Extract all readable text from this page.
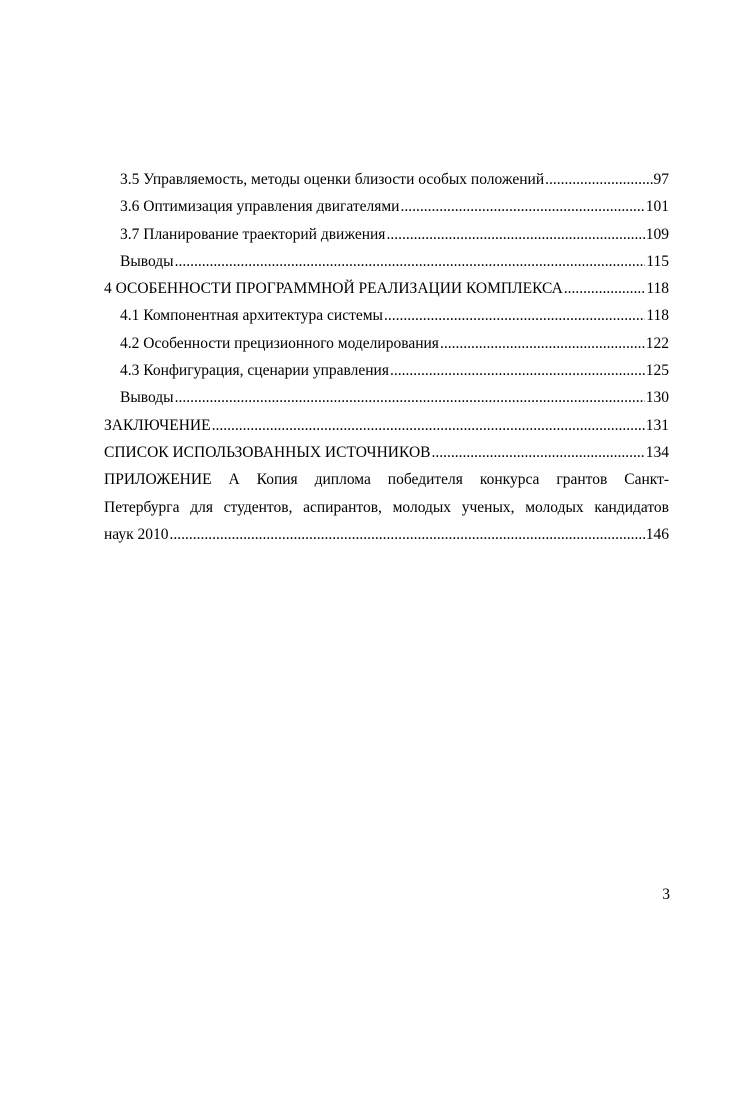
3.5 Управляемость, методы оценки близости особых положений .....	97
3.6 Оптимизация управления двигателями .....	101
3.7 Планирование траекторий движения .....	109
Выводы .....	115
4 ОСОБЕННОСТИ ПРОГРАММНОЙ РЕАЛИЗАЦИИ КОМПЛЕКСА .....	118
4.1 Компонентная архитектура системы .....	118
4.2 Особенности прецизионного моделирования .....	122
4.3 Конфигурация, сценарии управления .....	125
Выводы .....	130
ЗАКЛЮЧЕНИЕ .....	131
СПИСОК ИСПОЛЬЗОВАННЫХ ИСТОЧНИКОВ .....	134
ПРИЛОЖЕНИЕ А Копия диплома победителя конкурса грантов Санкт-
Петербурга для студентов, аспирантов, молодых ученых, молодых кандидатов
наук 2010 .....	146
3
